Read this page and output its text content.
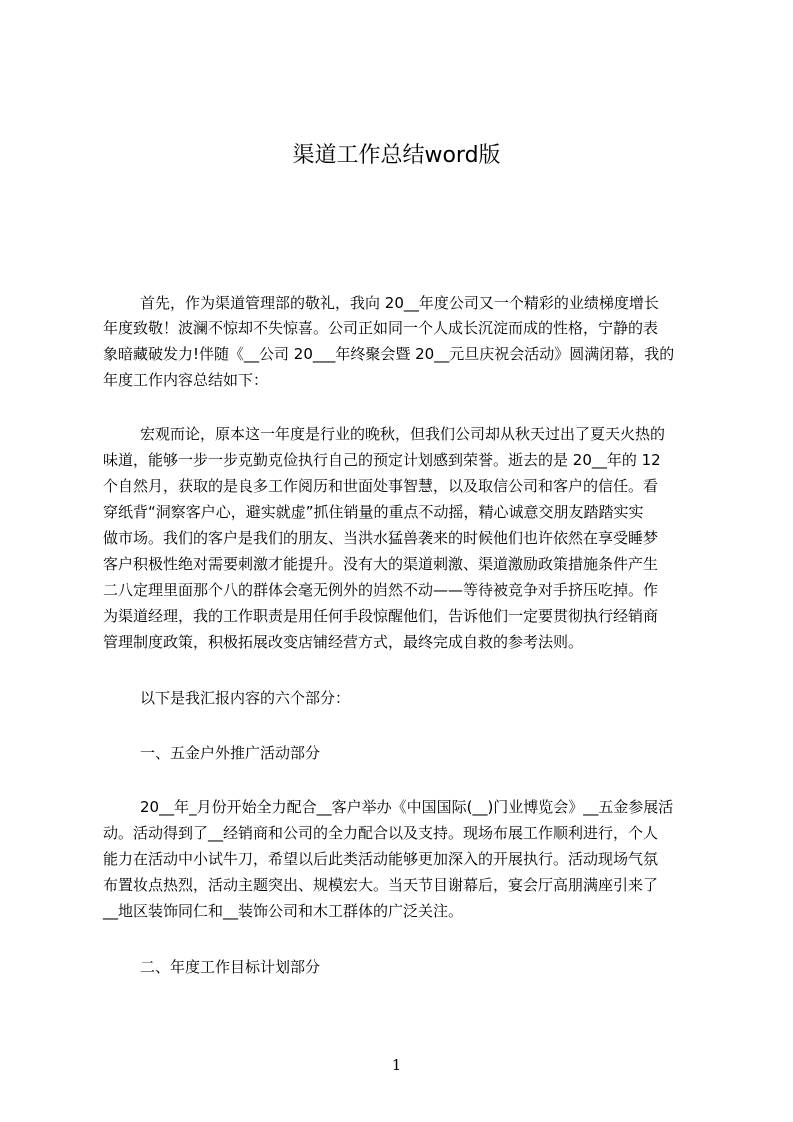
渠道工作总结word版
首先，作为渠道管理部的敬礼，我向 20__年度公司又一个精彩的业绩梯度增长
年度致敬！波澜不惊却不失惊喜。公司正如同一个人成长沉淀而成的性格，宁静的表
象暗藏破发力!伴随《__公司 20___年终聚会暨 20__元旦庆祝会活动》圆满闭幕，我的
年度工作内容总结如下：
宏观而论，原本这一年度是行业的晚秋，但我们公司却从秋天过出了夏天火热的
味道，能够一步一步克勤克俭执行自己的预定计划感到荣誉。逝去的是 20__年的 12
个自然月，获取的是良多工作阅历和世面处事智慧，以及取信公司和客户的信任。看
穿纸背“洞察客户心，避实就虚”抓住销量的重点不动摇，精心诚意交朋友踏踏实实
做市场。我们的客户是我们的朋友、当洪水猛兽袭来的时候他们也许依然在享受睡梦
客户积极性绝对需要刺激才能提升。没有大的渠道刺激、渠道激励政策措施条件产生
二八定理里面那个八的群体会毫无例外的岿然不动——等待被竞争对手挤压吃掉。作
为渠道经理，我的工作职责是用任何手段惊醒他们，告诉他们一定要贯彻执行经销商
管理制度政策，积极拓展改变店铺经营方式，最终完成自救的参考法则。
以下是我汇报内容的六个部分：
一、五金户外推广活动部分
20__年_月份开始全力配合__客户举办《中国国际(__)门业博览会》__五金参展活
动。活动得到了__经销商和公司的全力配合以及支持。现场布展工作顺利进行，个人
能力在活动中小试牛刀，希望以后此类活动能够更加深入的开展执行。活动现场气氛
布置妆点热烈，活动主题突出、规模宏大。当天节目谢幕后，宴会厅高朋满座引来了
__地区装饰同仁和__装饰公司和木工群体的广泛关注。
二、年度工作目标计划部分
1
